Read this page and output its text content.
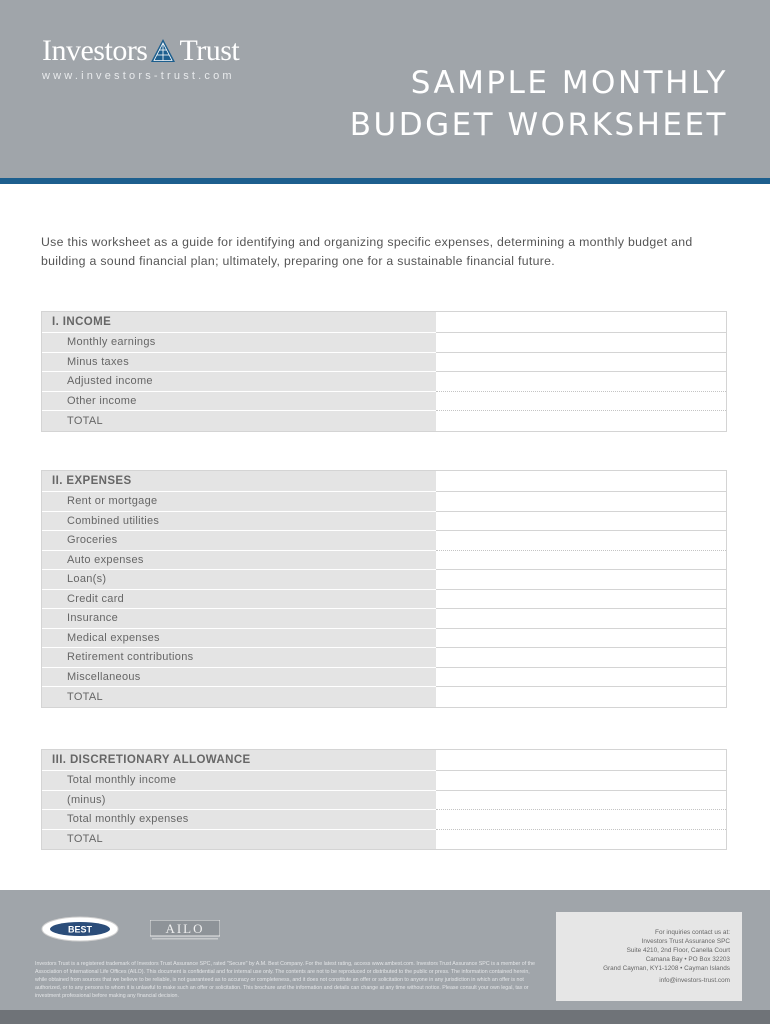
Investors Trust
www.investors-trust.com	SAMPLE MONTHLY
BUDGET WORKSHEET

Use this worksheet as a guide for identifying and organizing specific expenses, determining a monthly budget and building a sound financial plan; ultimately, preparing one for a sustainable financial future.

I. INCOME
Monthly earnings
Minus taxes
Adjusted income
Other income
TOTAL
II. EXPENSES
Rent or mortgage
Combined utilities
Groceries
Auto expenses
Loan(s)
Credit card
Insurance
Medical expenses
Retirement contributions
Miscellaneous
TOTAL
III. DISCRETIONARY ALLOWANCE
Total monthly income
(minus)
Total monthly expenses
TOTAL
BEST	AILO

Investors Trust is a registered trademark of Investors Trust Assurance SPC, rated "Secure" by A.M. Best Company. For the latest rating, access www.ambest.com. Investors Trust Assurance SPC is a member of the Association of International Life Offices (AILO). This document is confidential and for internal use only. The contents are not to be reproduced or distributed to the public or press. The information contained herein, while obtained from sources that we believe to be reliable, is not guaranteed as to accuracy or completeness, and it does not constitute an offer or solicitation to anyone in any jurisdiction in which an offer is not authorized, or to any persons to whom it is unlawful to make such an offer or solicitation. This brochure and the information and details can change at any time without notice. Please consult your own legal, tax or investment professional before making any financial decision.

For inquiries contact us at:
Investors Trust Assurance SPC
Suite 4210, 2nd Floor, Canella Court
Camana Bay • PO Box 32203
Grand Cayman, KY1-1208 • Cayman Islands
info@investors-trust.com
